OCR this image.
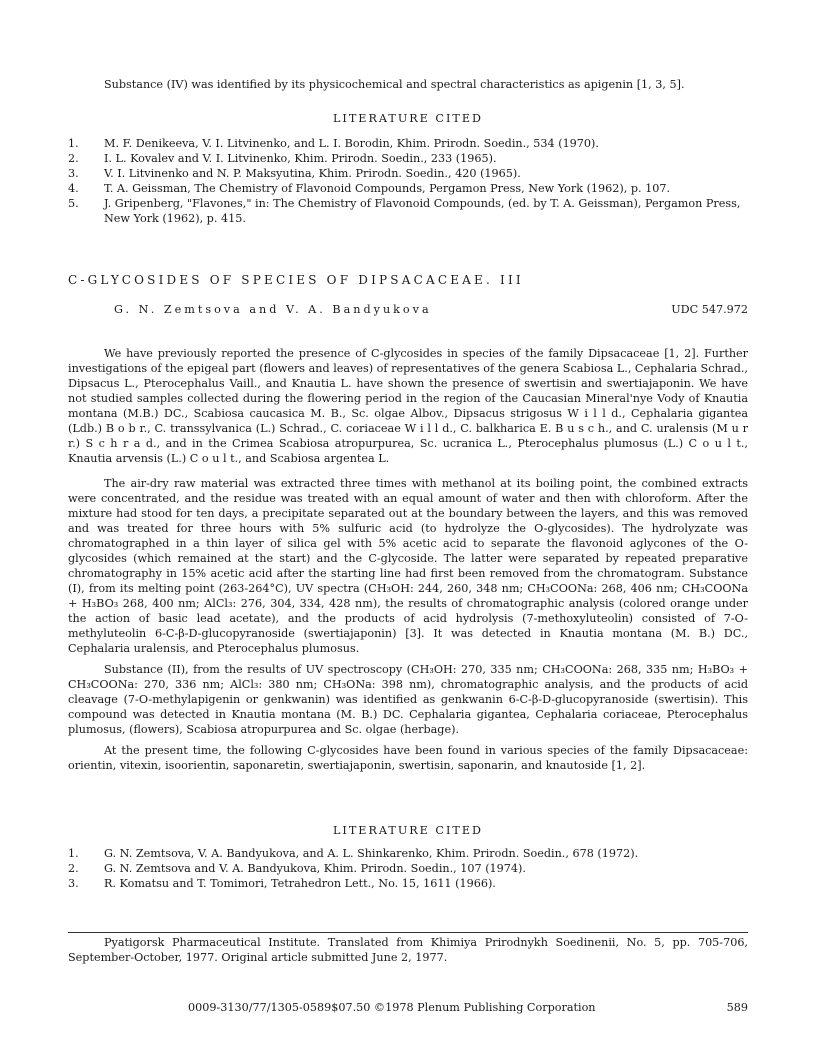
Substance (IV) was identified by its physicochemical and spectral characteristics as apigenin [1, 3, 5].

LITERATURE CITED
1. M. F. Denikeeva, V. I. Litvinenko, and L. I. Borodin, Khim. Prirodn. Soedin., 534 (1970).
2. I. L. Kovalev and V. I. Litvinenko, Khim. Prirodn. Soedin., 233 (1965).
3. V. I. Litvinenko and N. P. Maksyutina, Khim. Prirodn. Soedin., 420 (1965).
4. T. A. Geissman, The Chemistry of Flavonoid Compounds, Pergamon Press, New York (1962), p. 107.
5. J. Gripenberg, "Flavones," in: The Chemistry of Flavonoid Compounds, (ed. by T. A. Geissman), Pergamon Press, New York (1962), p. 415.
C-GLYCOSIDES OF SPECIES OF DIPSACACEAE. III
G. N. Zemtsova and V. A. Bandyukova	UDC 547.972

We have previously reported the presence of C-glycosides in species of the family Dipsacaceae [1, 2]. Further investigations of the epigeal part (flowers and leaves) of representatives of the genera Scabiosa L., Cephalaria Schrad., Dipsacus L., Pterocephalus Vaill., and Knautia L. have shown the presence of swertisin and swertiajaponin. We have not studied samples collected during the flowering period in the region of the Caucasian Mineral'nye Vody of Knautia montana (M.B.) DC., Scabiosa caucasica M. B., Sc. olgae Albov., Dipsacus strigosus W i l l d., Cephalaria gigantea (Ldb.) B o b r., C. transsylvanica (L.) Schrad., C. coriaceae W i l l d., C. balkharica E. B u s c h., and C. uralensis (M u r r.) S c h r a d., and in the Crimea Scabiosa atropurpurea, Sc. ucranica L., Pterocephalus plumosus (L.) C o u l t., Knautia arvensis (L.) C o u l t., and Scabiosa argentea L.

The air-dry raw material was extracted three times with methanol at its boiling point, the combined extracts were concentrated, and the residue was treated with an equal amount of water and then with chloroform. After the mixture had stood for ten days, a precipitate separated out at the boundary between the layers, and this was removed and was treated for three hours with 5% sulfuric acid (to hydrolyze the O-glycosides). The hydrolyzate was chromatographed in a thin layer of silica gel with 5% acetic acid to separate the flavonoid aglycones of the O-glycosides (which remained at the start) and the C-glycoside. The latter were separated by repeated preparative chromatography in 15% acetic acid after the starting line had first been removed from the chromatogram. Substance (I), from its melting point (263-264°C), UV spectra (CH₃OH: 244, 260, 348 nm; CH₃COONa: 268, 406 nm; CH₃COONa + H₃BO₃ 268, 400 nm; AlCl₃: 276, 304, 334, 428 nm), the results of chromatographic analysis (colored orange under the action of basic lead acetate), and the products of acid hydrolysis (7-methoxyluteolin) consisted of 7-O-methyluteolin 6-C-β-D-glucopyranoside (swertiajaponin) [3]. It was detected in Knautia montana (M. B.) DC., Cephalaria uralensis, and Pterocephalus plumosus.

Substance (II), from the results of UV spectroscopy (CH₃OH: 270, 335 nm; CH₃COONa: 268, 335 nm; H₃BO₃ + CH₃COONa: 270, 336 nm; AlCl₃: 380 nm; CH₃ONa: 398 nm), chromatographic analysis, and the products of acid cleavage (7-O-methylapigenin or genkwanin) was identified as genkwanin 6-C-β-D-glucopyranoside (swertisin). This compound was detected in Knautia montana (M. B.) DC. Cephalaria gigantea, Cephalaria coriaceae, Pterocephalus plumosus, (flowers), Scabiosa atropurpurea and Sc. olgae (herbage).

At the present time, the following C-glycosides have been found in various species of the family Dipsacaceae: orientin, vitexin, isoorientin, saponaretin, swertiajaponin, swertisin, saponarin, and knautoside [1, 2].

LITERATURE CITED
1. G. N. Zemtsova, V. A. Bandyukova, and A. L. Shinkarenko, Khim. Prirodn. Soedin., 678 (1972).
2. G. N. Zemtsova and V. A. Bandyukova, Khim. Prirodn. Soedin., 107 (1974).
3. R. Komatsu and T. Tomimori, Tetrahedron Lett., No. 15, 1611 (1966).

Pyatigorsk Pharmaceutical Institute. Translated from Khimiya Prirodnykh Soedinenii, No. 5, pp. 705-706, September-October, 1977. Original article submitted June 2, 1977.

0009-3130/77/1305-0589$07.50 ©1978 Plenum Publishing Corporation	589
